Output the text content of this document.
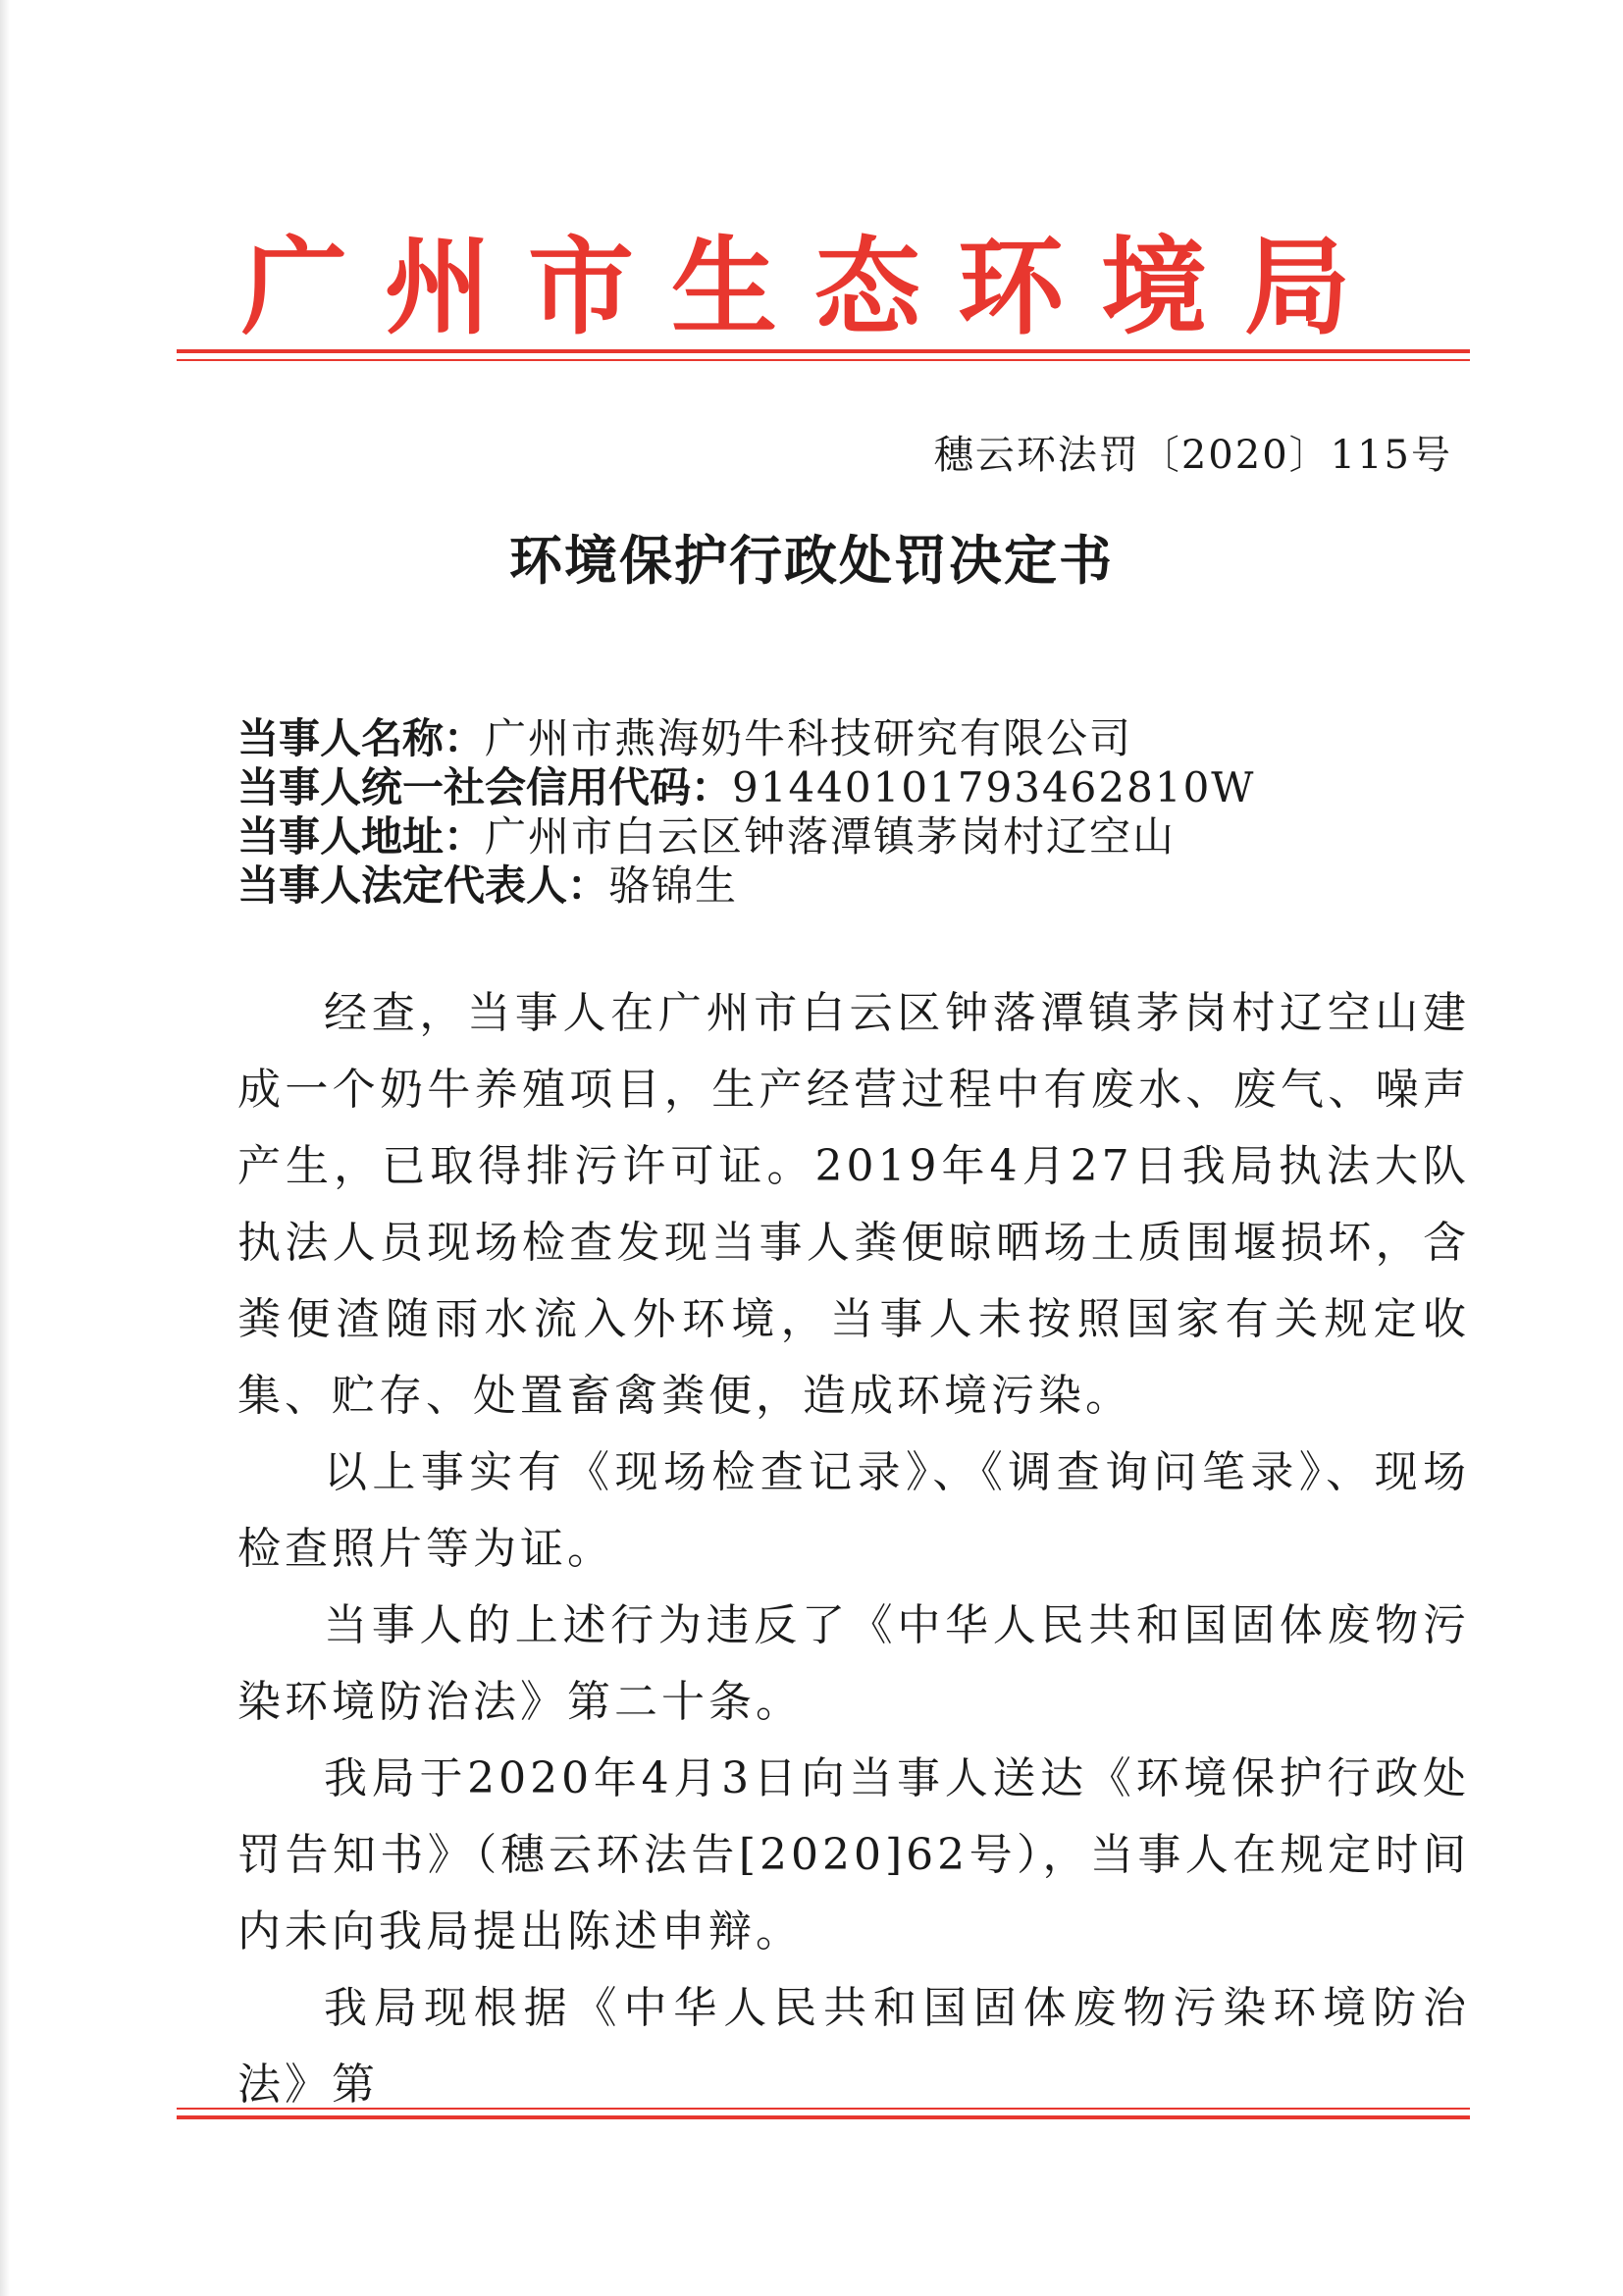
广州市生态环境局
穗云环法罚〔2020〕115号
环境保护行政处罚决定书
当事人名称：广州市燕海奶牛科技研究有限公司
当事人统一社会信用代码：91440101793462810W
当事人地址：广州市白云区钟落潭镇茅岗村辽空山
当事人法定代表人：骆锦生

经查，当事人在广州市白云区钟落潭镇茅岗村辽空山建成一个奶牛养殖项目，生产经营过程中有废水、废气、噪声产生，已取得排污许可证。2019年4月27日我局执法大队执法人员现场检查发现当事人粪便晾晒场土质围堰损坏，含粪便渣随雨水流入外环境，当事人未按照国家有关规定收集、贮存、处置畜禽粪便，造成环境污染。

以上事实有《现场检查记录》、《调查询问笔录》、现场检查照片等为证。

当事人的上述行为违反了《中华人民共和国固体废物污染环境防治法》第二十条。

我局于2020年4月3日向当事人送达《环境保护行政处罚告知书》（穗云环法告[2020]62号），当事人在规定时间内未向我局提出陈述申辩。

我局现根据《中华人民共和国固体废物污染环境防治法》第
